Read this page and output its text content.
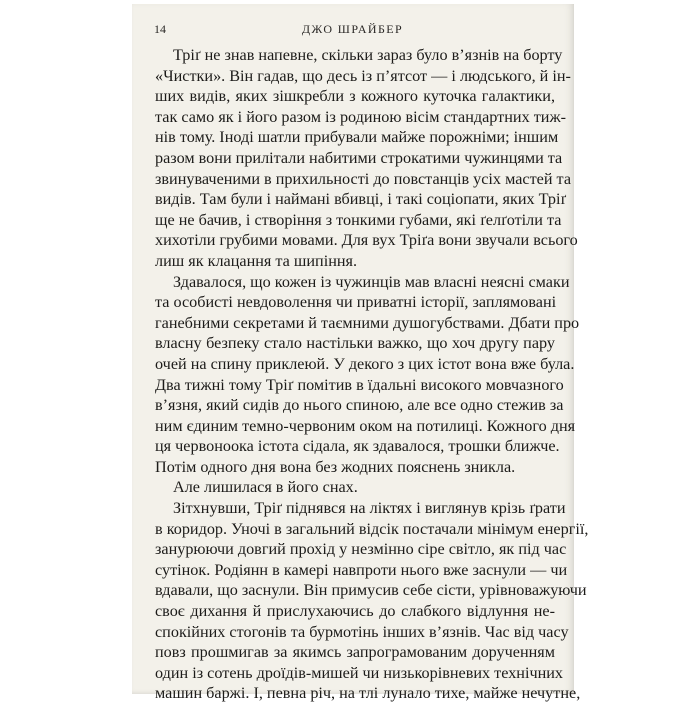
14	ДЖО ШРАЙБЕР
Тріґ не знав напевне, скільки зараз було в’язнів на борту
«Чистки». Він гадав, що десь із п’ятсот — і людського, й ін-
ших видів, яких зішкребли з кожного куточка галактики,
так само як і його разом із родиною вісім стандартних тиж-
нів тому. Іноді шатли прибували майже порожніми; іншим
разом вони прилітали набитими строкатими чужинцями та
звинуваченими в прихильності до повстанців усіх мастей та
видів. Там були і наймані вбивці, і такі соціопати, яких Тріґ
ще не бачив, і створіння з тонкими губами, які ґелґотіли та
хихотіли грубими мовами. Для вух Тріґа вони звучали всього
лиш як клацання та шипіння.
Здавалося, що кожен із чужинців мав власні неясні смаки
та особисті невдоволення чи приватні історії, заплямовані
ганебними секретами й таємними душогубствами. Дбати про
власну безпеку стало настільки важко, що хоч другу пару
очей на спину приклеюй. У декого з цих істот вона вже була.
Два тижні тому Тріґ помітив в їдальні високого мовчазного
в’язня, який сидів до нього спиною, але все одно стежив за
ним єдиним темно-червоним оком на потилиці. Кожного дня
ця червоноока істота сідала, як здавалося, трошки ближче.
Потім одного дня вона без жодних пояснень зникла.
Але лишилася в його снах.
Зітхнувши, Тріґ піднявся на ліктях і виглянув крізь ґрати
в коридор. Уночі в загальний відсік постачали мінімум енергії,
занурюючи довгий прохід у незмінно сіре світло, як під час
сутінок. Родіянн в камері навпроти нього вже заснули — чи
вдавали, що заснули. Він примусив себе сісти, урівноважуючи
своє дихання й прислухаючись до слабкого відлуння не-
спокійних стогонів та бурмотінь інших в’язнів. Час від часу
повз прошмигав за якимсь запрограмованим дорученням
один із сотень дроїдів-мишей чи низькорівневих технічних
машин баржі. І, певна річ, на тлі лунало тихе, майже нечутне,
